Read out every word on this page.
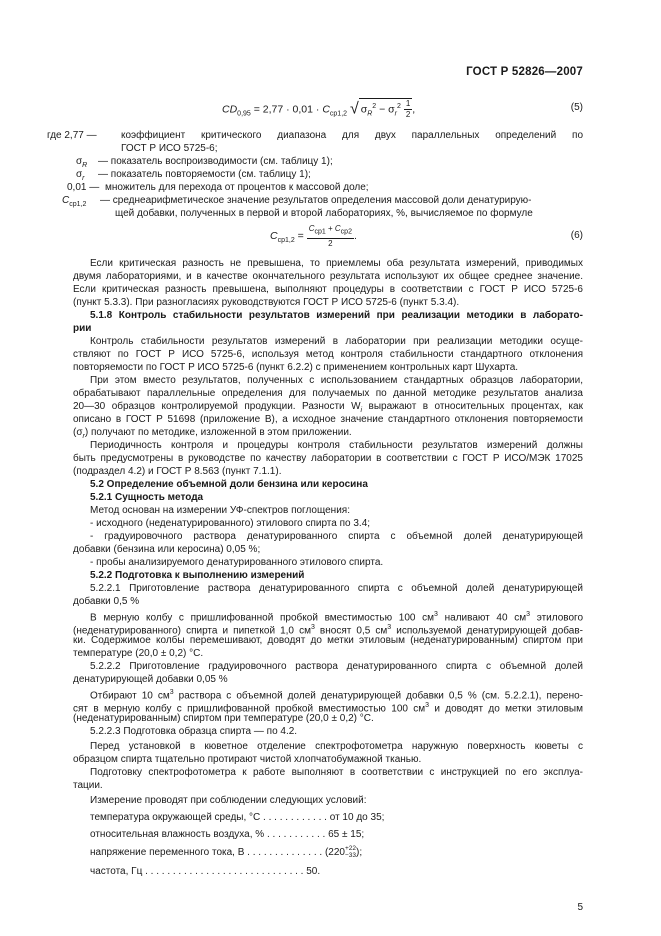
ГОСТ Р 52826—2007
$CD_{0,95} = 2,77 \cdot 0,01 \cdot C_{ср1,2}$ √ $\sigma_R^2 - \sigma_r^2 \frac{1}{2}$ ,	(5)
где 2,77 — коэффициент критического диапазона для двух параллельных определений по
ГОСТ Р ИСО 5725-6;
$\sigma_R$ — показатель воспроизводимости (см. таблицу 1);
$\sigma_r$ — показатель повторяемости (см. таблицу 1);
0,01 — множитель для перехода от процентов к массовой доле;
$C_{ср1,2}$ — среднеарифметическое значение результатов определения массовой доли денатурирую-
щей добавки, полученных в первой и второй лабораториях, %, вычисляемое по формуле
$C_{ср1,2} = \frac{C_{ср1} + C_{ср2}}{2}$ .	(6)
Если критическая разность не превышена, то приемлемы оба результата измерений, приводимых
двумя лабораториями, и в качестве окончательного результата используют их общее среднее значение.
Если критическая разность превышена, выполняют процедуры в соответствии с ГОСТ Р ИСО 5725-6
(пункт 5.3.3). При разногласиях руководствуются ГОСТ Р ИСО 5725-6 (пункт 5.3.4).
5.1.8 Контроль стабильности результатов измерений при реализации методики в лаборато-
рии
Контроль стабильности результатов измерений в лаборатории при реализации методики осуще-
ствляют по ГОСТ Р ИСО 5725-6, используя метод контроля стабильности стандартного отклонения
повторяемости по ГОСТ Р ИСО 5725-6 (пункт 6.2.2) с применением контрольных карт Шухарта.
При этом вместо результатов, полученных с использованием стандартных образцов лаборатории,
обрабатывают параллельные определения для получаемых по данной методике результатов анализа
20—30 образцов контролируемой продукции. Разности $W_i$ выражают в относительных процентах, как
описано в ГОСТ Р 51698 (приложение В), а исходное значение стандартного отклонения повторяемости
$(\sigma_r)$ получают по методике, изложенной в этом приложении.
Периодичность контроля и процедуры контроля стабильности результатов измерений должны
быть предусмотрены в руководстве по качеству лаборатории в соответствии с ГОСТ Р ИСО/МЭК 17025
(подраздел 4.2) и ГОСТ Р 8.563 (пункт 7.1.1).
5.2 Определение объемной доли бензина или керосина
5.2.1 Сущность метода
Метод основан на измерении УФ-спектров поглощения:
- исходного (неденатурированного) этилового спирта по 3.4;
- градуировочного раствора денатурированного спирта с объемной долей денатурирующей
добавки (бензина или керосина) 0,05 %;
- пробы анализируемого денатурированного этилового спирта.
5.2.2 Подготовка к выполнению измерений
5.2.2.1 Приготовление раствора денатурированного спирта с объемной долей денатурирующей
добавки 0,5 %
В мерную колбу с пришлифованной пробкой вместимостью 100 $см^3$ наливают 40 $см^3$ этилового
(неденатурированного) спирта и пипеткой 1,0 $см^3$ вносят 0,5 $см^3$ используемой денатурирующей добав-
ки. Содержимое колбы перемешивают, доводят до метки этиловым (неденатурированным) спиртом при
температуре (20,0 ± 0,2) °С.
5.2.2.2 Приготовление градуировочного раствора денатурированного спирта с объемной долей
денатурирующей добавки 0,05 %
Отбирают 10 $см^3$ раствора с объемной долей денатурирующей добавки 0,5 % (см. 5.2.2.1), перено-
сят в мерную колбу с пришлифованной пробкой вместимостью 100 $см^3$ и доводят до метки этиловым
(неденатурированным) спиртом при температуре (20,0 ± 0,2) °С.
5.2.2.3 Подготовка образца спирта — по 4.2.
Перед установкой в кюветное отделение спектрофотометра наружную поверхность кюветы с
образцом спирта тщательно протирают чистой хлопчатобумажной тканью.
Подготовку спектрофотометра к работе выполняют в соответствии с инструкцией по его эксплуа-
тации.
Измерение проводят при соблюдении следующих условий:
температура окружающей среды, °С . . . . . . . . . . . . от 10 до 35;
относительная влажность воздуха, % . . . . . . . . . . . 65 ± 15;
напряжение переменного тока, В . . . . . . . . . . . . . . (220 +22
−33 );
частота, Гц . . . . . . . . . . . . . . . . . . . . . . . . . . . . . 50.
5
